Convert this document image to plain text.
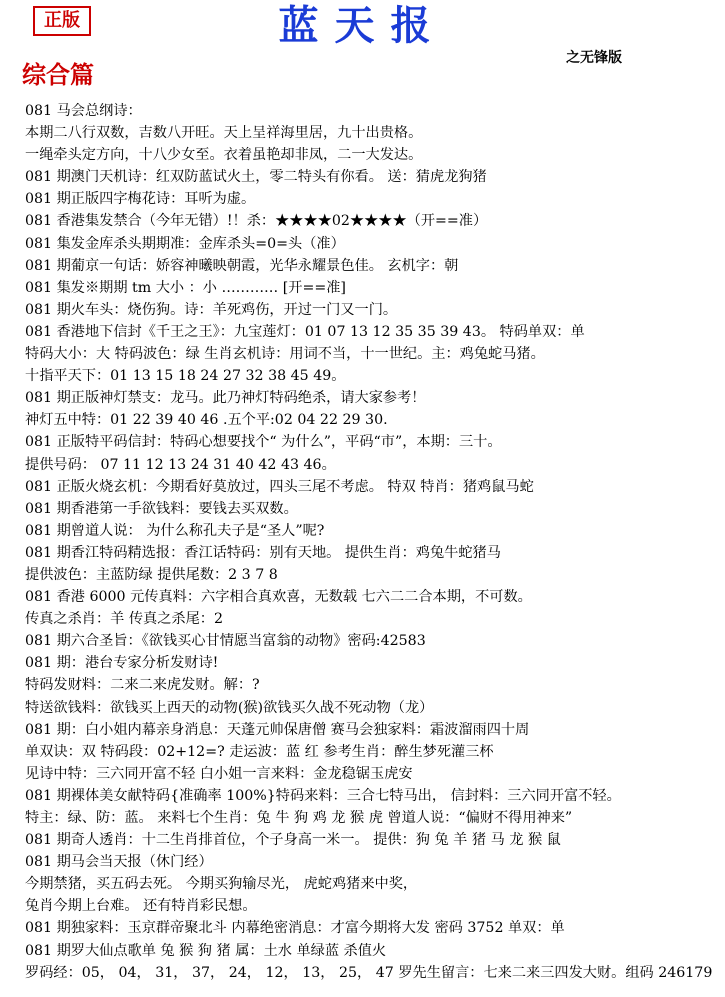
正版	蓝天报
之无锋版
综合篇
081 马会总纲诗：
本期二八行双数，吉数八开旺。天上呈祥海里居，九十出贵格。
一绳牵头定方向，十八少女至。衣着虽艳却非凤，二一大发达。
081 期澳门天机诗：红双防蓝试火土，零二特头有你看。 送：猜虎龙狗猪
081 期正版四字梅花诗：耳听为虚。
081 香港集发禁合（今年无错）!！杀：★★★★02★★★★（开==准）
081 集发金库杀头期期准：金库杀头=0=头（准）
081 期葡京一句话：娇容神曦映朝霞，光华永耀景色佳。 玄机字：朝
081 集发※期期 tm 大小 ：小 ………… [开==准]
081 期火车头：烧伤狗。诗：羊死鸡伤，开过一门又一门。
081 香港地下信封《千王之王》：九宝莲灯：01 07 13 12 35 35 39 43。 特码单双：单
特码大小：大 特码波色：绿 生肖玄机诗：用词不当，十一世纪。主：鸡兔蛇马猪。
十指平天下：01 13 15 18 24 27 32 38 45 49。
081 期正版神灯禁支：龙马。此乃神灯特码绝杀，请大家参考！
神灯五中特：01 22 39 40 46 .五个平:02 04 22 29 30.
081 正版特平码信封：特码心想要找个“ 为什么”，平码“市”，本期：三十。
提供号码： 07 11 12 13 24 31 40 42 43 46。
081 正版火烧玄机：今期看好莫放过，四头三尾不考虑。 特双 特肖：猪鸡鼠马蛇
081 期香港第一手欲钱料：要钱去买双数。
081 期曾道人说： 为什么称孔夫子是“圣人”呢?
081 期香江特码精选报：香江话特码：别有天地。 提供生肖：鸡兔牛蛇猪马
提供波色：主蓝防绿 提供尾数：2 3 7 8
081 香港 6000 元传真料：六字相合真欢喜，无数载 七六二二合本期，不可数。
传真之杀肖：羊 传真之杀尾：2
081 期六合圣旨：《欲钱买心甘情愿当富翁的动物》密码:42583
081 期：港台专家分析发财诗!
特码发财料：二来二来虎发财。解：?
特送欲钱料：欲钱买上西天的动物(猴)欲钱买久战不死动物（龙）
081 期：白小姐内幕亲身消息：天蓬元帅保唐僧 赛马会独家料：霜波溜雨四十周
单双诀：双 特码段：02+12=? 走运波：蓝 红 参考生肖：醉生梦死灌三杯
见诗中特：三六同开富不轻 白小姐一言来料：金龙稳锯玉虎安
081 期裸体美女献特码{准确率 100%}特码来料：三合七特马出， 信封料：三六同开富不轻。
特主：绿、防：蓝。 来料七个生肖：兔 牛 狗 鸡 龙 猴 虎 曾道人说：“偏财不得用神来”
081 期奇人透肖：十二生肖排首位，个子身高一米一。 提供：狗 兔 羊 猪 马 龙 猴 鼠
081 期马会当天报（休门经）
今期禁猪，买五码去死。 今期买狗输尽光， 虎蛇鸡猪来中奖，
兔肖今期上台难。 还有特肖彩民想。
081 期独家料：玉京群帝聚北斗 内幕绝密消息：才富今期将大发 密码 3752 单双：单
081 期罗大仙点歌单 兔 猴 狗 猪 属：土水 单绿蓝 杀值火
罗码经：05， 04， 31， 37， 24， 12， 13， 25， 47 罗先生留言：七来二来三四发大财。组码 246179
